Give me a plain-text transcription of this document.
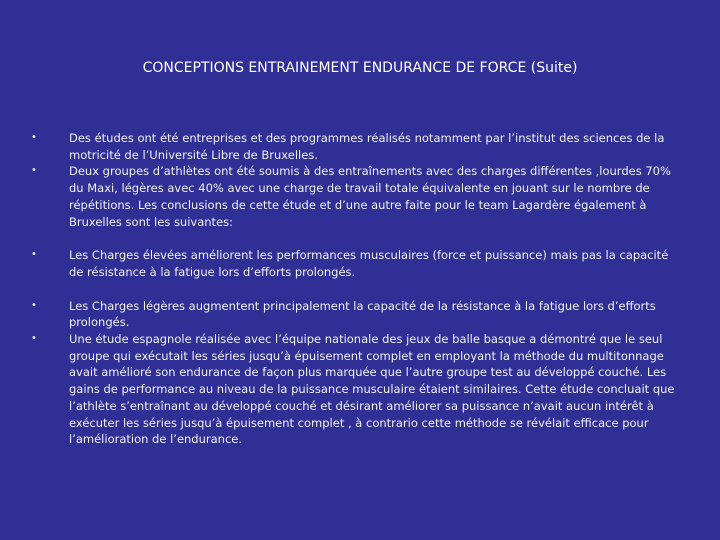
CONCEPTIONS ENTRAINEMENT ENDURANCE DE FORCE (Suite)
•	Des études ont été entreprises et des programmes réalisés notamment par l’institut des sciences de la motricité de l’Université Libre de Bruxelles.
•	Deux groupes d’athlètes ont été soumis à des entraînements avec des charges différentes ,lourdes 70% du Maxi, légères avec 40% avec une charge de travail totale équivalente en jouant sur le nombre de répétitions. Les conclusions de cette étude et d’une autre faite pour le team Lagardère également à Bruxelles sont les suivantes:
•	Les Charges élevées améliorent les performances musculaires (force et puissance) mais pas la capacité de résistance à la fatigue lors d’efforts prolongés.
•	Les Charges légères augmentent principalement la capacité de la résistance à la fatigue lors d’efforts prolongés.
•	Une étude espagnole réalisée avec l’équipe nationale des jeux de balle basque a démontré que le seul groupe qui exécutait les séries jusqu’à épuisement complet en employant la méthode du multitonnage avait amélioré son endurance de façon plus marquée que l’autre groupe test au développé couché. Les gains de performance au niveau de la puissance musculaire étaient similaires. Cette étude concluait que l’athlète s’entraînant au développé couché et désirant améliorer sa puissance n’avait aucun intérêt à exécuter les séries jusqu’à épuisement complet , à contrario cette méthode se révélait efficace pour l’amélioration de l’endurance.
